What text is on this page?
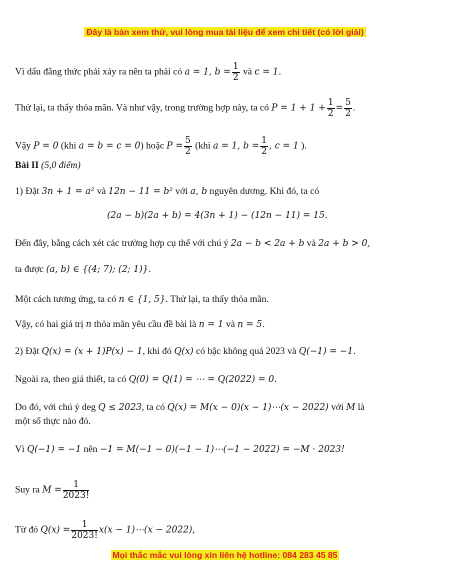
Đây là bản xem thử, vui lòng mua tài liệu để xem chi tiết (có lời giải)
Vì dấu đẳng thức phải xảy ra nên ta phải có a = 1, $b = \frac{1}{2}$ và c = 1.
Thử lại, ta thấy thỏa mãn. Và như vậy, trong trường hợp này, ta có $P = 1 + 1 + \frac{1}{2} = \frac{5}{2}$ .
Vậy P = 0 (khi a = b = c = 0) hoặc $P = \frac{5}{2} (khi$ a = 1, $b = \frac{1}{2}$ , c = 1 ).
Bài II (5,0 điểm)
1) Đặt 3n + 1 = a² và 12n − 11 = b² với a, b nguyên dương. Khi đó, ta có
(2a − b)(2a + b) = 4(3n + 1) − (12n − 11) = 15.
Đến đây, bằng cách xét các trường hợp cụ thể với chú ý 2a − b < 2a + b và 2a + b > 0,
ta được (a, b) ∈ {(4; 7); (2; 1)}.
Một cách tương ứng, ta có n ∈ {1, 5}. Thử lại, ta thấy thỏa mãn.
Vậy, có hai giá trị n thỏa mãn yêu cầu đề bài là n = 1 và n = 5.
2) Đặt Q(x) = (x + 1)P(x) − 1, khi đó Q(x) có bậc không quá 2023 và Q(−1) = −1.
Ngoài ra, theo giả thiết, ta có Q(0) = Q(1) = ⋯ = Q(2022) = 0.
Do đó, với chú ý deg Q ≤ 2023, ta có Q(x) = M(x − 0)(x − 1)⋯(x − 2022) với M là
một số thực nào đó.
Vì Q(−1) = −1 nên −1 = M(−1 − 0)(−1 − 1)⋯(−1 − 2022) = −M · 2023!
Suy ra $M = \frac{1}{2023!}$
Từ đó $Q(x) = \frac{1}{2023!} x(x$ − 1)⋯(x − 2022),
Mọi thắc mắc vui lòng xin liên hệ hotline: 084 283 45 85
